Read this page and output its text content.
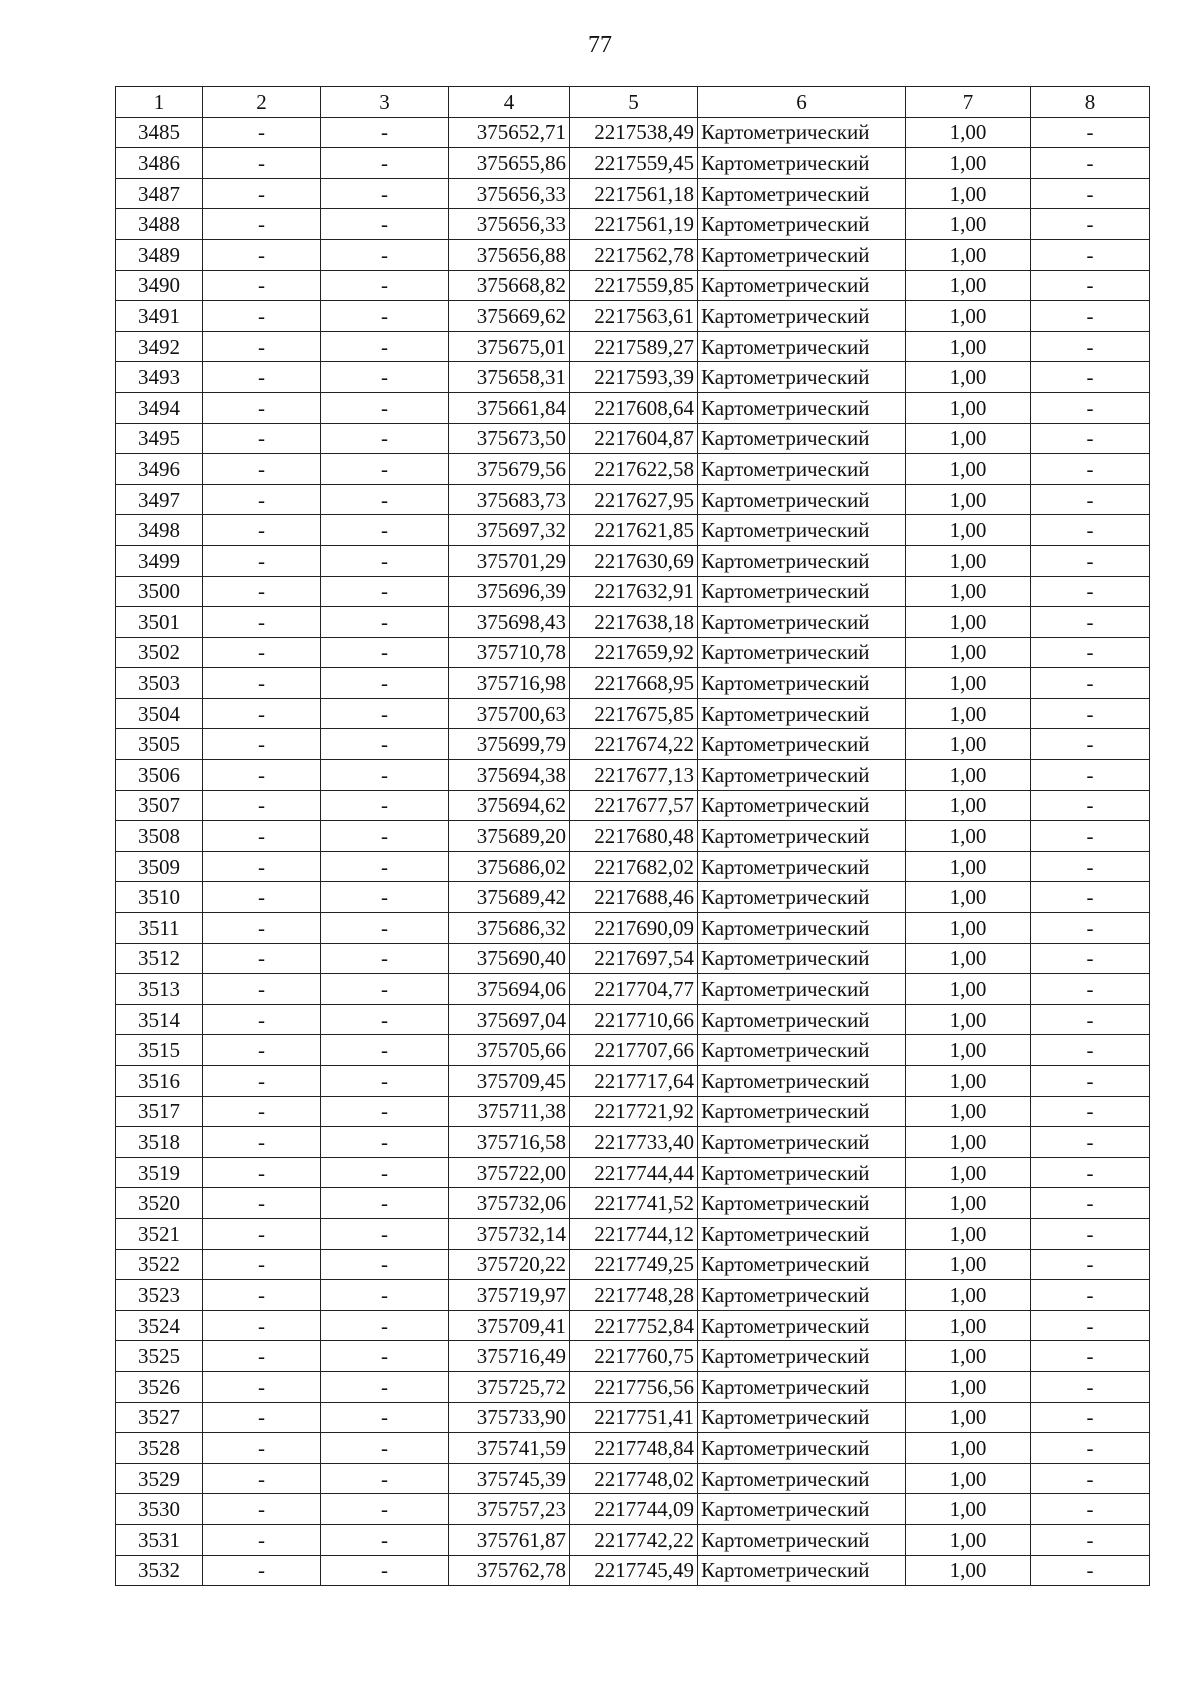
77
1	2	3	4	5	6	7	8
3485	-	-	375652,71	2217538,49	Картометрический	1,00	-
3486	-	-	375655,86	2217559,45	Картометрический	1,00	-
3487	-	-	375656,33	2217561,18	Картометрический	1,00	-
3488	-	-	375656,33	2217561,19	Картометрический	1,00	-
3489	-	-	375656,88	2217562,78	Картометрический	1,00	-
3490	-	-	375668,82	2217559,85	Картометрический	1,00	-
3491	-	-	375669,62	2217563,61	Картометрический	1,00	-
3492	-	-	375675,01	2217589,27	Картометрический	1,00	-
3493	-	-	375658,31	2217593,39	Картометрический	1,00	-
3494	-	-	375661,84	2217608,64	Картометрический	1,00	-
3495	-	-	375673,50	2217604,87	Картометрический	1,00	-
3496	-	-	375679,56	2217622,58	Картометрический	1,00	-
3497	-	-	375683,73	2217627,95	Картометрический	1,00	-
3498	-	-	375697,32	2217621,85	Картометрический	1,00	-
3499	-	-	375701,29	2217630,69	Картометрический	1,00	-
3500	-	-	375696,39	2217632,91	Картометрический	1,00	-
3501	-	-	375698,43	2217638,18	Картометрический	1,00	-
3502	-	-	375710,78	2217659,92	Картометрический	1,00	-
3503	-	-	375716,98	2217668,95	Картометрический	1,00	-
3504	-	-	375700,63	2217675,85	Картометрический	1,00	-
3505	-	-	375699,79	2217674,22	Картометрический	1,00	-
3506	-	-	375694,38	2217677,13	Картометрический	1,00	-
3507	-	-	375694,62	2217677,57	Картометрический	1,00	-
3508	-	-	375689,20	2217680,48	Картометрический	1,00	-
3509	-	-	375686,02	2217682,02	Картометрический	1,00	-
3510	-	-	375689,42	2217688,46	Картометрический	1,00	-
3511	-	-	375686,32	2217690,09	Картометрический	1,00	-
3512	-	-	375690,40	2217697,54	Картометрический	1,00	-
3513	-	-	375694,06	2217704,77	Картометрический	1,00	-
3514	-	-	375697,04	2217710,66	Картометрический	1,00	-
3515	-	-	375705,66	2217707,66	Картометрический	1,00	-
3516	-	-	375709,45	2217717,64	Картометрический	1,00	-
3517	-	-	375711,38	2217721,92	Картометрический	1,00	-
3518	-	-	375716,58	2217733,40	Картометрический	1,00	-
3519	-	-	375722,00	2217744,44	Картометрический	1,00	-
3520	-	-	375732,06	2217741,52	Картометрический	1,00	-
3521	-	-	375732,14	2217744,12	Картометрический	1,00	-
3522	-	-	375720,22	2217749,25	Картометрический	1,00	-
3523	-	-	375719,97	2217748,28	Картометрический	1,00	-
3524	-	-	375709,41	2217752,84	Картометрический	1,00	-
3525	-	-	375716,49	2217760,75	Картометрический	1,00	-
3526	-	-	375725,72	2217756,56	Картометрический	1,00	-
3527	-	-	375733,90	2217751,41	Картометрический	1,00	-
3528	-	-	375741,59	2217748,84	Картометрический	1,00	-
3529	-	-	375745,39	2217748,02	Картометрический	1,00	-
3530	-	-	375757,23	2217744,09	Картометрический	1,00	-
3531	-	-	375761,87	2217742,22	Картометрический	1,00	-
3532	-	-	375762,78	2217745,49	Картометрический	1,00	-
